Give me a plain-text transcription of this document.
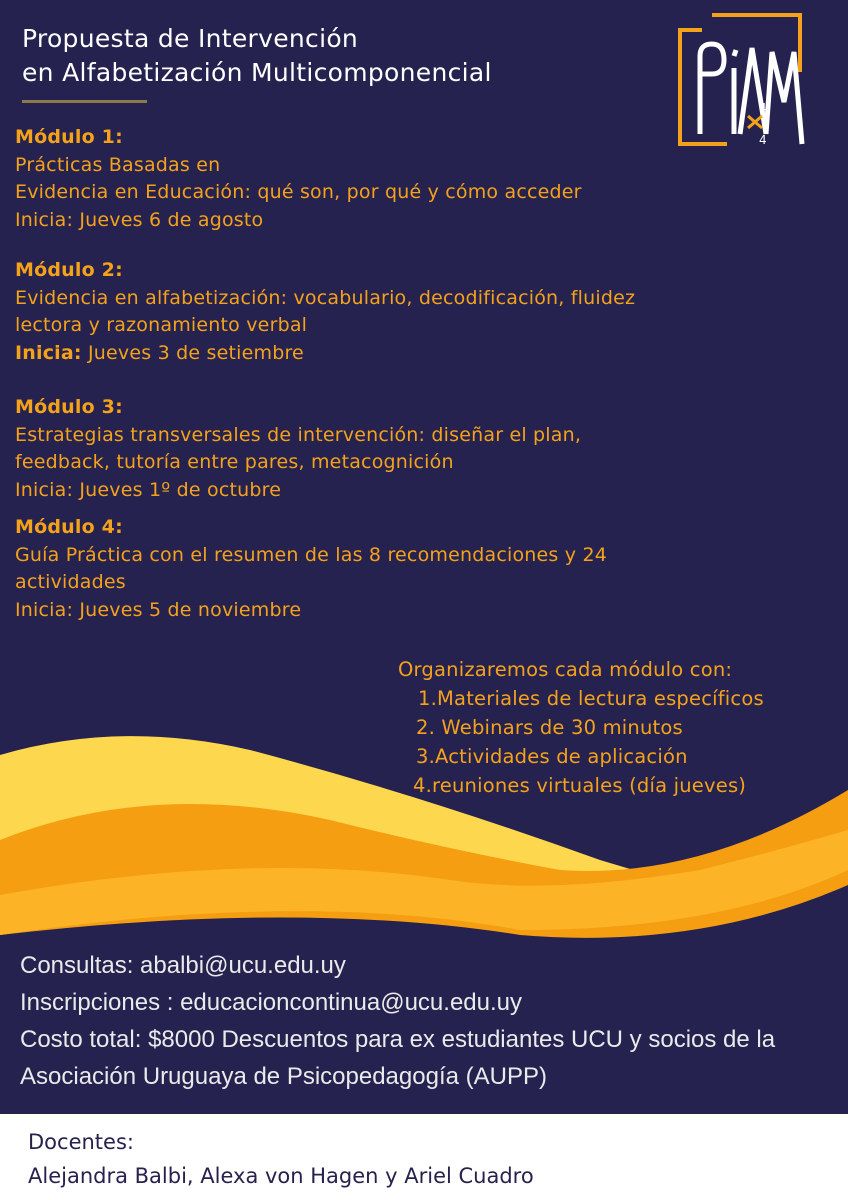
Propuesta de Intervención
en Alfabetización Multicomponencial
4
4
Módulo 1:
Prácticas Basadas en
Evidencia en Educación: qué son, por qué y cómo acceder
Inicia: Jueves 6 de agosto
Módulo 2:
Evidencia en alfabetización: vocabulario, decodificación, fluidez
lectora y razonamiento verbal
Inicia: Jueves 3 de setiembre
Módulo 3:
Estrategias transversales de intervención: diseñar el plan,
feedback, tutoría entre pares, metacognición
Inicia: Jueves 1º de octubre
Módulo 4:
Guía Práctica con el resumen de las 8 recomendaciones y 24
actividades
Inicia: Jueves 5 de noviembre
Organizaremos cada módulo con:
1. Materiales de lectura específicos
2. Webinars de 30 minutos
3. Actividades de aplicación
4. reuniones virtuales (día jueves)
Consultas: abalbi@ucu.edu.uy
Inscripciones : educacioncontinua@ucu.edu.uy
Costo total: $8000 Descuentos para ex estudiantes UCU y socios de la Asociación Uruguaya de Psicopedagogía (AUPP)
Docentes:
Alejandra Balbi, Alexa von Hagen y Ariel Cuadro
